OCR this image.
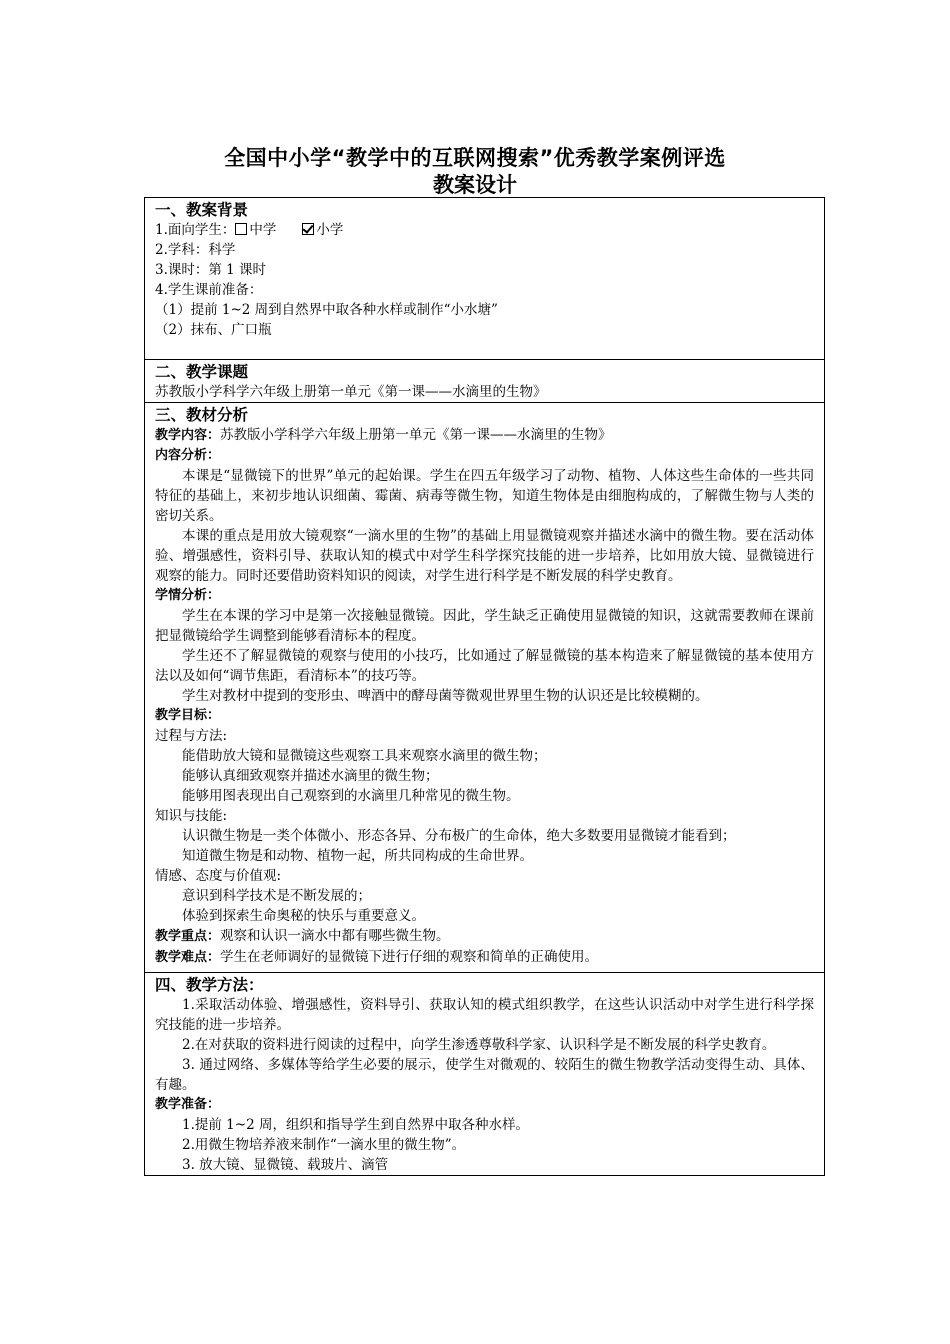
全国中小学“教学中的互联网搜索”优秀教学案例评选
教案设计
一、教案背景
1.面向学生： 中学	小学
2.学科：科学
3.课时：第 1 课时
4.学生课前准备：
（1）提前 1~2 周到自然界中取各种水样或制作“小水塘”
（2）抹布、广口瓶
二、教学课题
苏教版小学科学六年级上册第一单元《第一课——水滴里的生物》
三、教材分析
教学内容：苏教版小学科学六年级上册第一单元《第一课——水滴里的生物》
内容分析：
本课是“显微镜下的世界”单元的起始课。学生在四五年级学习了动物、植物、人体这些生命体的一些共同特征的基础上，来初步地认识细菌、霉菌、病毒等微生物，知道生物体是由细胞构成的，了解微生物与人类的密切关系。
本课的重点是用放大镜观察“一滴水里的生物”的基础上用显微镜观察并描述水滴中的微生物。要在活动体验、增强感性，资料引导、获取认知的模式中对学生科学探究技能的进一步培养，比如用放大镜、显微镜进行观察的能力。同时还要借助资料知识的阅读，对学生进行科学是不断发展的科学史教育。
学情分析：
学生在本课的学习中是第一次接触显微镜。因此，学生缺乏正确使用显微镜的知识，这就需要教师在课前把显微镜给学生调整到能够看清标本的程度。
学生还不了解显微镜的观察与使用的小技巧，比如通过了解显微镜的基本构造来了解显微镜的基本使用方法以及如何“调节焦距，看清标本”的技巧等。
学生对教材中提到的变形虫、啤酒中的酵母菌等微观世界里生物的认识还是比较模糊的。
教学目标：
过程与方法:
能借助放大镜和显微镜这些观察工具来观察水滴里的微生物；
能够认真细致观察并描述水滴里的微生物；
能够用图表现出自己观察到的水滴里几种常见的微生物。
知识与技能:
认识微生物是一类个体微小、形态各异、分布极广的生命体，绝大多数要用显微镜才能看到；
知道微生物是和动物、植物一起，所共同构成的生命世界。
情感、态度与价值观:
意识到科学技术是不断发展的；
体验到探索生命奥秘的快乐与重要意义。
教学重点：观察和认识一滴水中都有哪些微生物。
教学难点：学生在老师调好的显微镜下进行仔细的观察和简单的正确使用。
四、教学方法：
1.采取活动体验、增强感性，资料导引、获取认知的模式组织教学，在这些认识活动中对学生进行科学探究技能的进一步培养。
2.在对获取的资料进行阅读的过程中，向学生渗透尊敬科学家、认识科学是不断发展的科学史教育。
3. 通过网络、多媒体等给学生必要的展示，使学生对微观的、较陌生的微生物教学活动变得生动、具体、有趣。
教学准备：
1.提前 1~2 周，组织和指导学生到自然界中取各种水样。
2.用微生物培养液来制作“一滴水里的微生物”。
3. 放大镜、显微镜、载玻片、滴管
